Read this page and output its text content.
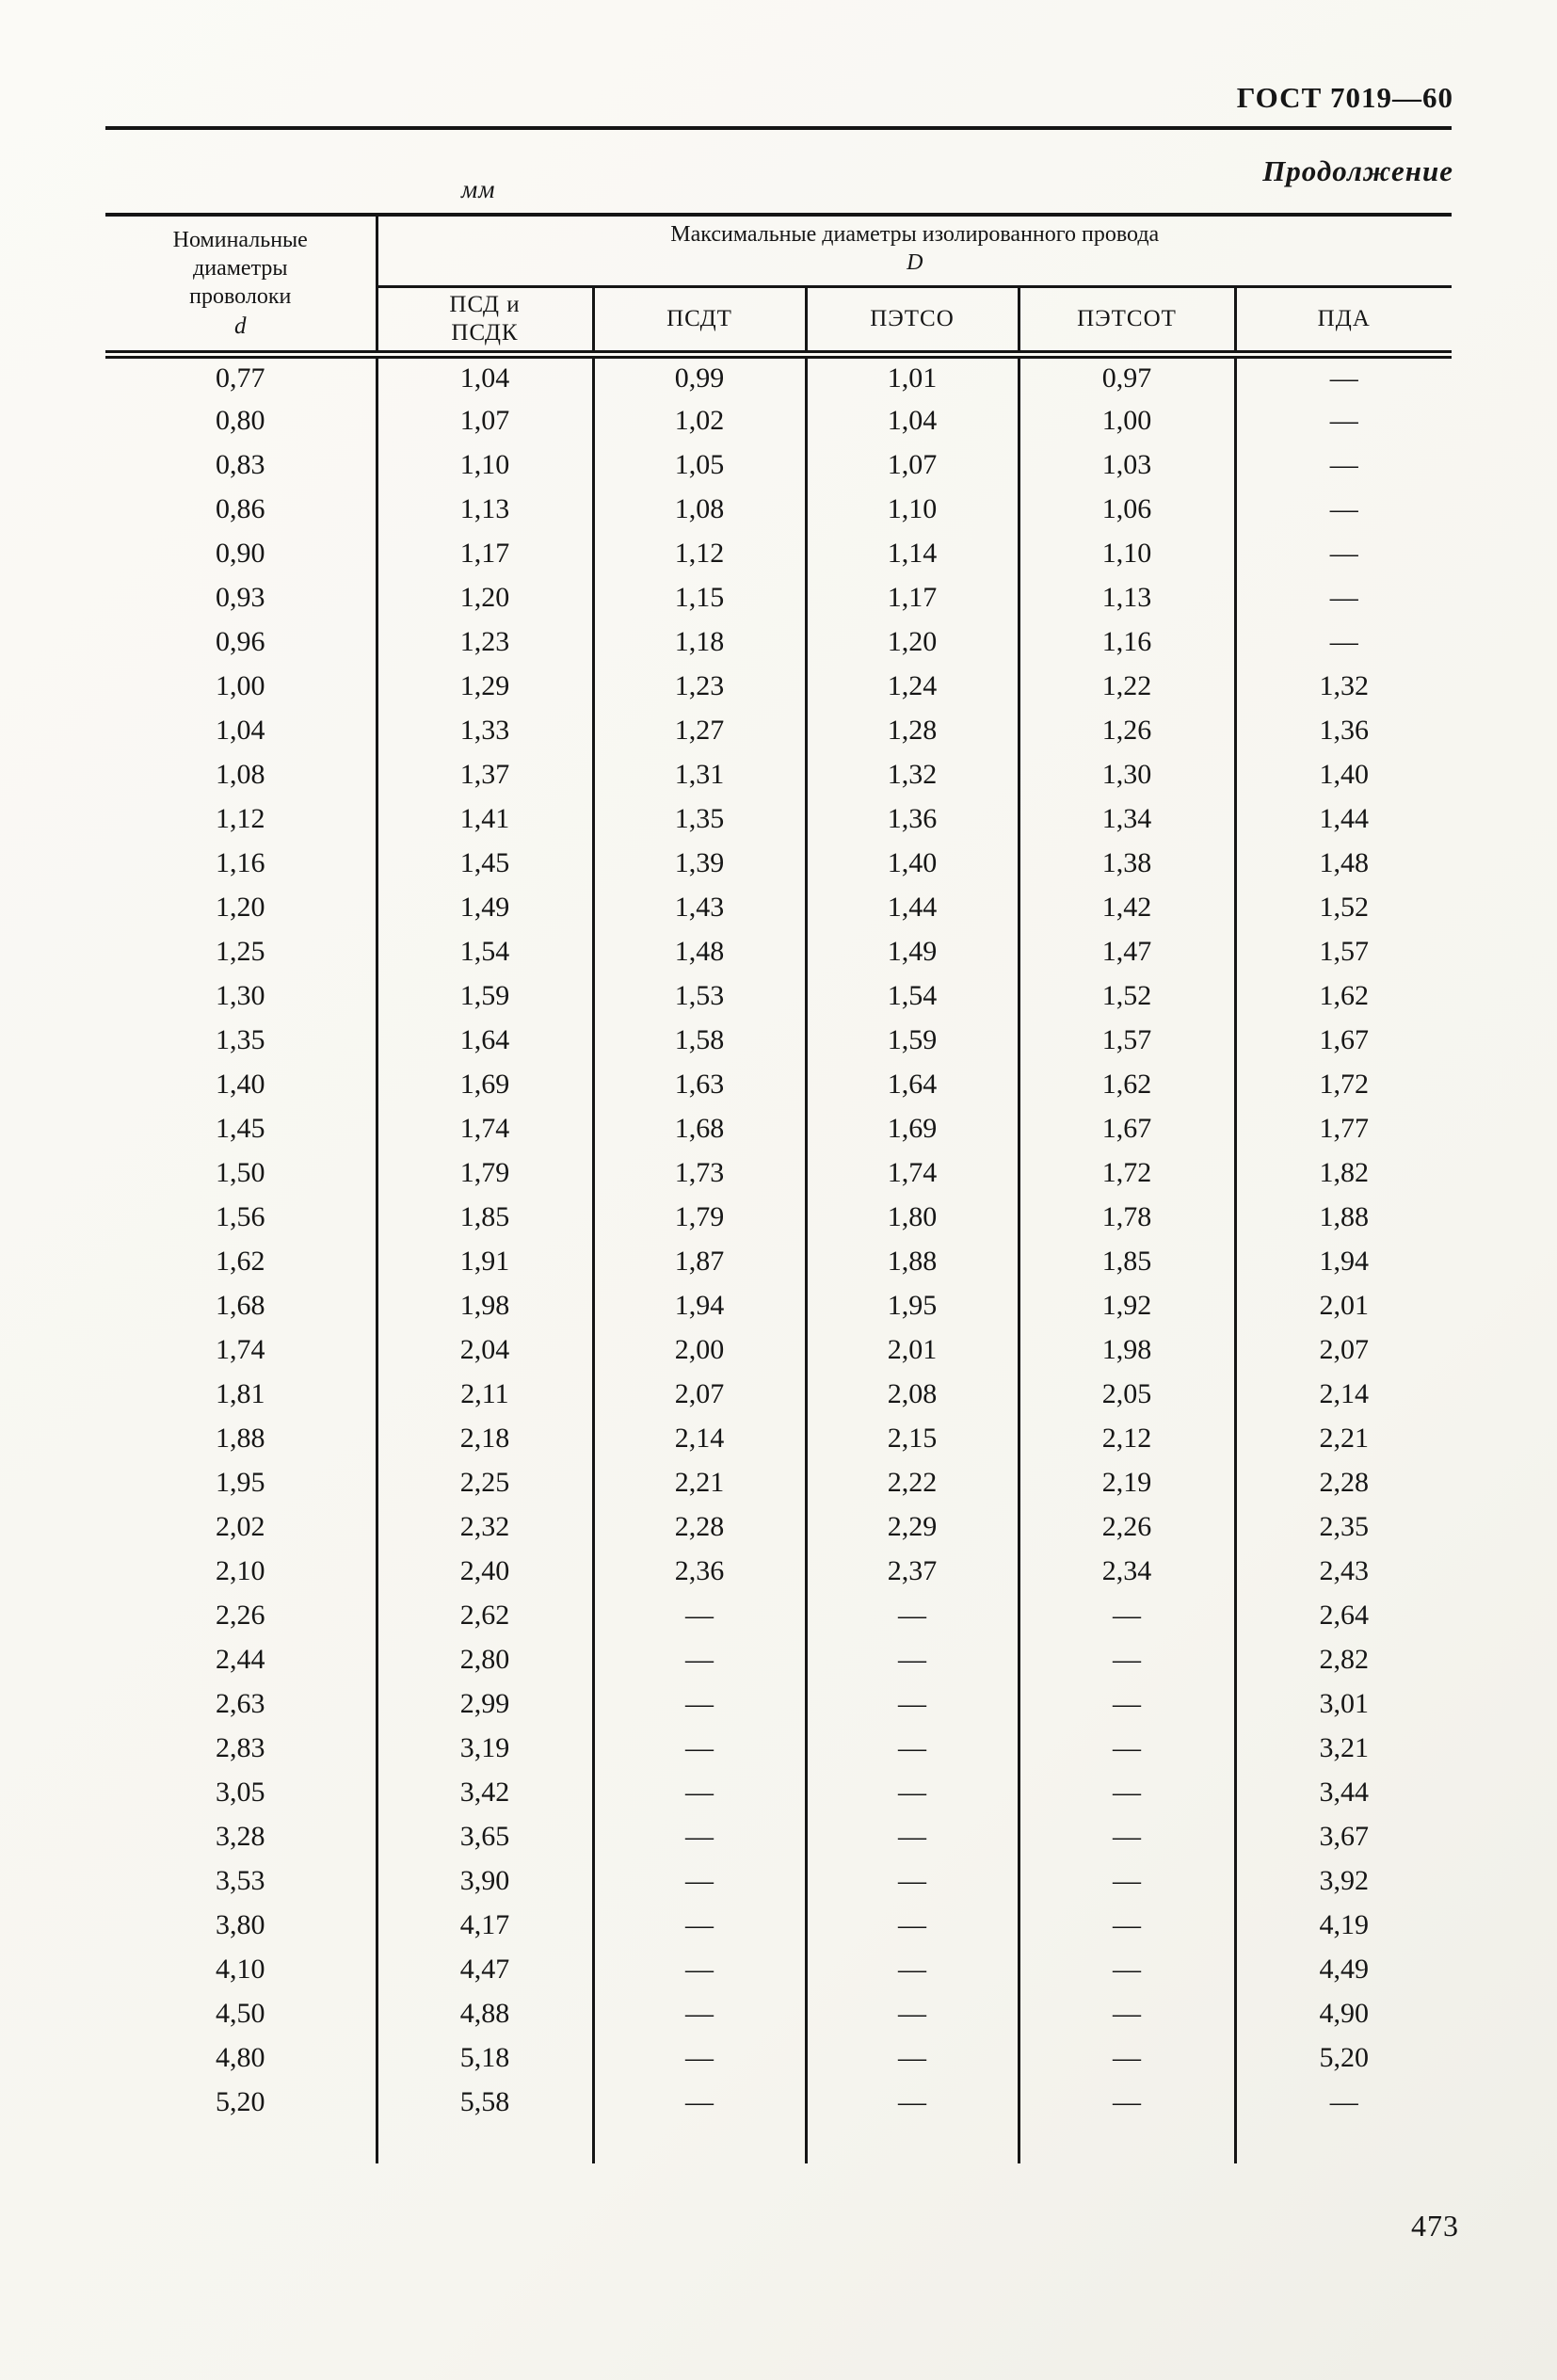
ГОСТ 7019—60
Продолжение
мм
Номинальные диаметры проволоки
d	Максимальные диаметры изолированного провода D				
	ПСД и ПСДК	ПСДТ	ПЭТСО	ПЭТСОТ	ПДА
0,77	1,04	0,99	1,01	0,97	—
0,80	1,07	1,02	1,04	1,00	—
0,83	1,10	1,05	1,07	1,03	—
0,86	1,13	1,08	1,10	1,06	—
0,90	1,17	1,12	1,14	1,10	—
0,93	1,20	1,15	1,17	1,13	—
0,96	1,23	1,18	1,20	1,16	—
1,00	1,29	1,23	1,24	1,22	1,32
1,04	1,33	1,27	1,28	1,26	1,36
1,08	1,37	1,31	1,32	1,30	1,40
1,12	1,41	1,35	1,36	1,34	1,44
1,16	1,45	1,39	1,40	1,38	1,48
1,20	1,49	1,43	1,44	1,42	1,52
1,25	1,54	1,48	1,49	1,47	1,57
1,30	1,59	1,53	1,54	1,52	1,62
1,35	1,64	1,58	1,59	1,57	1,67
1,40	1,69	1,63	1,64	1,62	1,72
1,45	1,74	1,68	1,69	1,67	1,77
1,50	1,79	1,73	1,74	1,72	1,82
1,56	1,85	1,79	1,80	1,78	1,88
1,62	1,91	1,87	1,88	1,85	1,94
1,68	1,98	1,94	1,95	1,92	2,01
1,74	2,04	2,00	2,01	1,98	2,07
1,81	2,11	2,07	2,08	2,05	2,14
1,88	2,18	2,14	2,15	2,12	2,21
1,95	2,25	2,21	2,22	2,19	2,28
2,02	2,32	2,28	2,29	2,26	2,35
2,10	2,40	2,36	2,37	2,34	2,43
2,26	2,62	—	—	—	2,64
2,44	2,80	—	—	—	2,82
2,63	2,99	—	—	—	3,01
2,83	3,19	—	—	—	3,21
3,05	3,42	—	—	—	3,44
3,28	3,65	—	—	—	3,67
3,53	3,90	—	—	—	3,92
3,80	4,17	—	—	—	4,19
4,10	4,47	—	—	—	4,49
4,50	4,88	—	—	—	4,90
4,80	5,18	—	—	—	5,20
5,20	5,58	—	—	—	—

473
